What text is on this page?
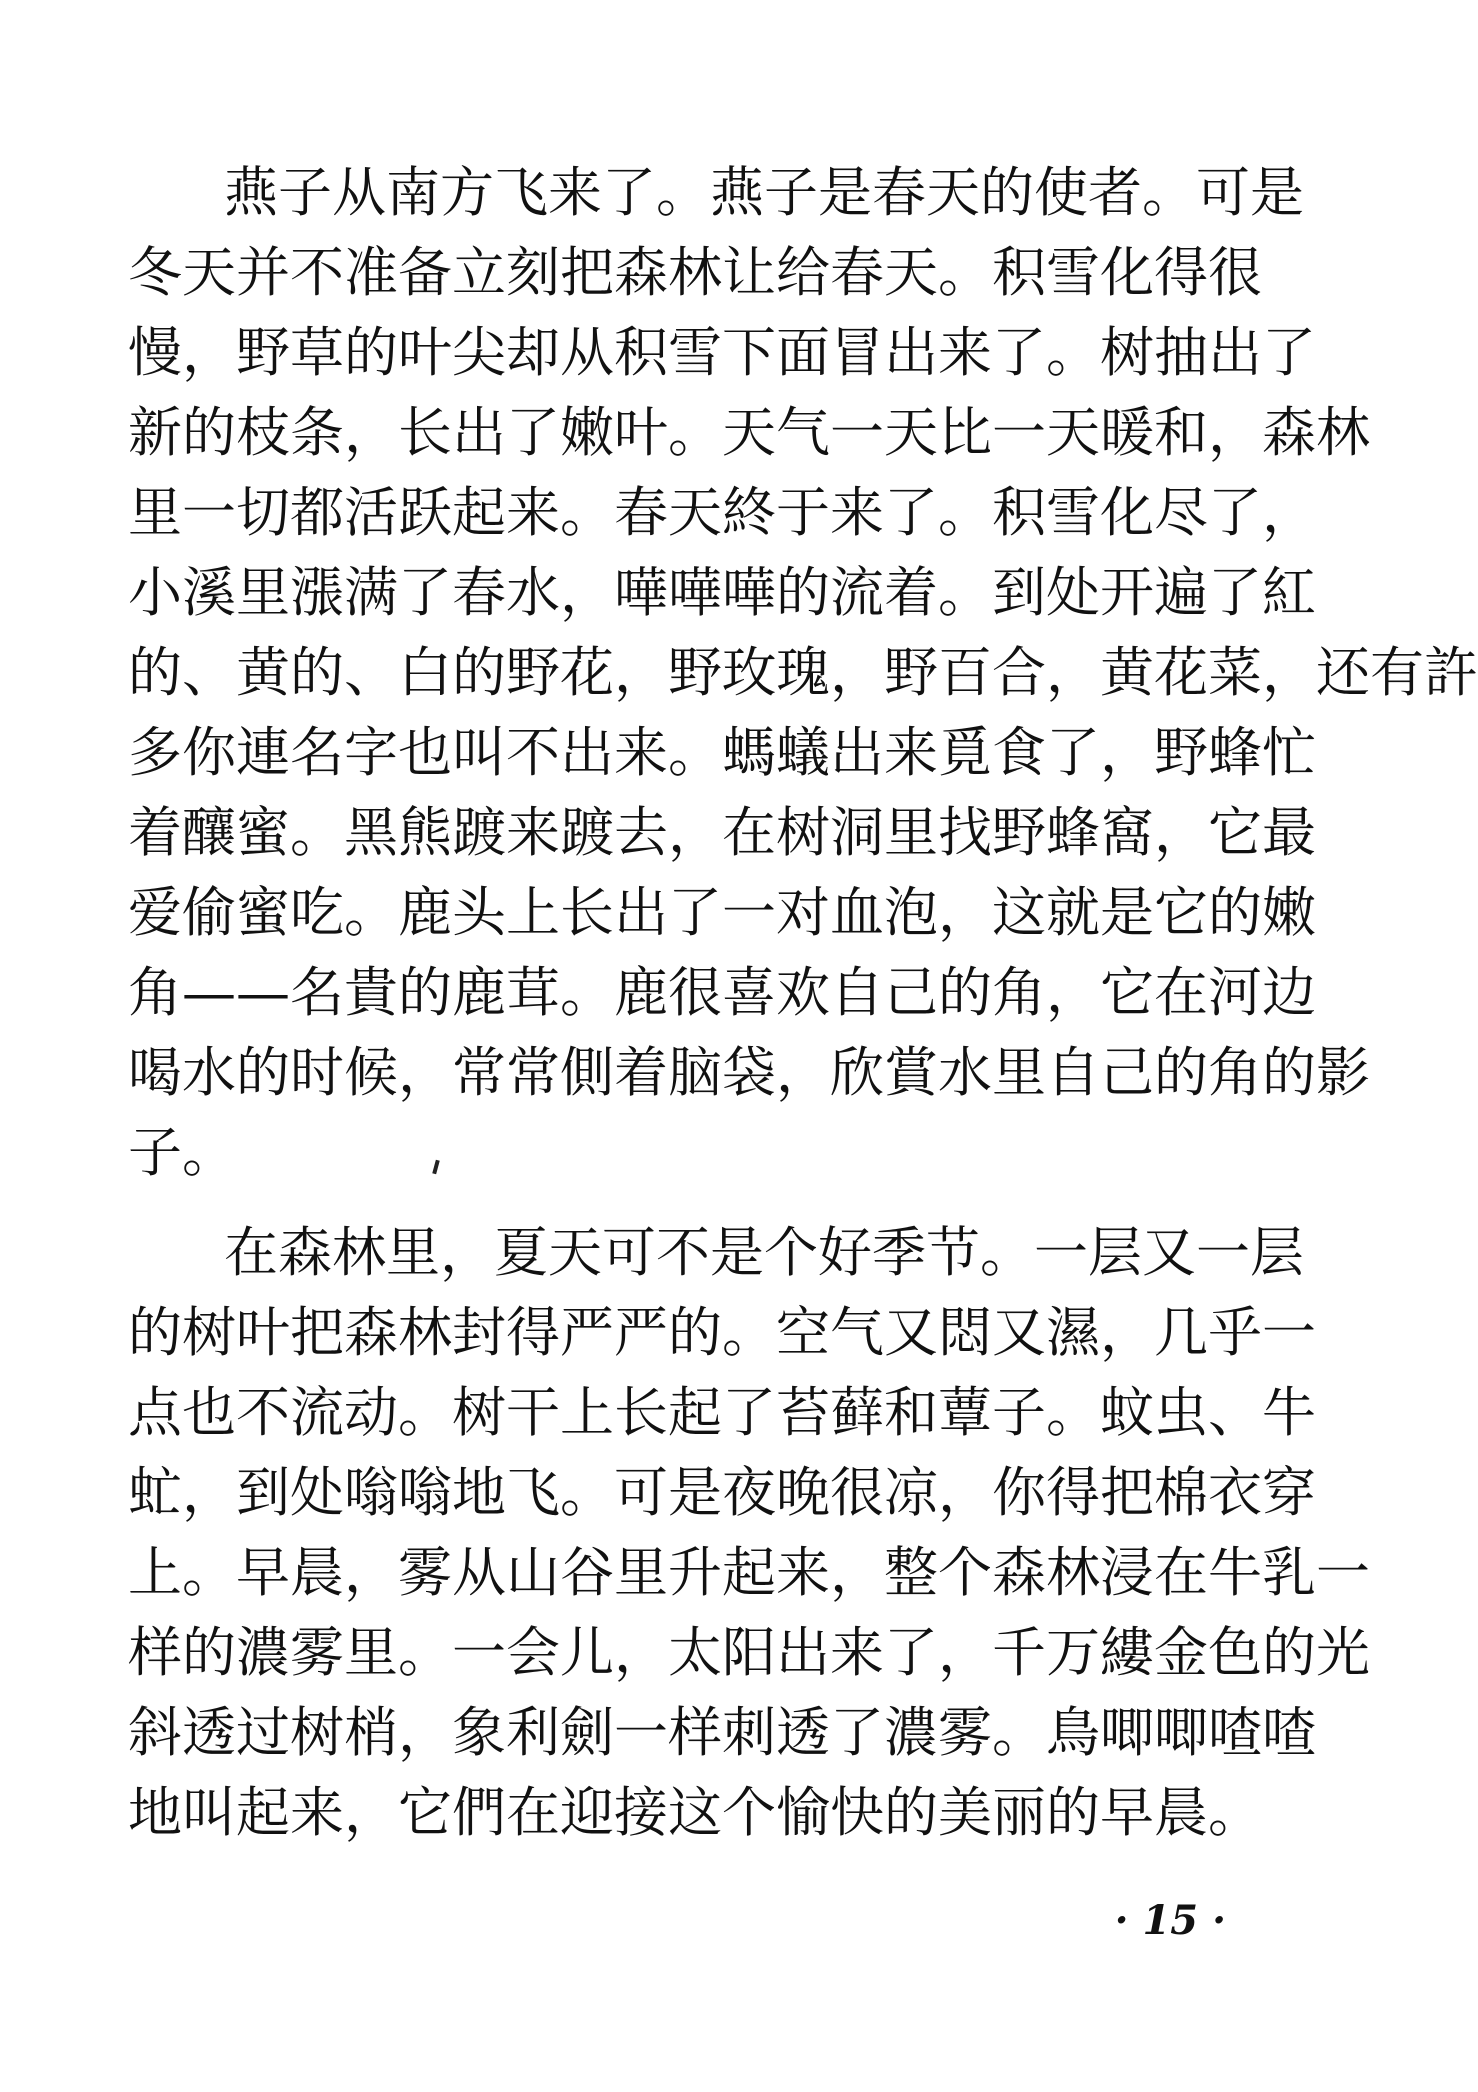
燕子从南方飞来了。燕子是春天的使者。可是
冬天并不准备立刻把森林让给春天。积雪化得很
慢，野草的叶尖却从积雪下面冒出来了。树抽出了
新的枝条，长出了嫩叶。天气一天比一天暖和，森林
里一切都活跃起来。春天終于来了。积雪化尽了，
小溪里漲满了春水，嘩嘩嘩的流着。到处开遍了紅
的、黄的、白的野花，野玫瑰，野百合，黄花菜，还有許
多你連名字也叫不出来。螞蟻出来覓食了，野蜂忙
着釀蜜。黑熊踱来踱去，在树洞里找野蜂窩，它最
爱偷蜜吃。鹿头上长出了一对血泡，这就是它的嫩
角——名貴的鹿茸。鹿很喜欢自己的角，它在河边
喝水的时候，常常側着脑袋，欣賞水里自己的角的影
子。
在森林里，夏天可不是个好季节。一层又一层
的树叶把森林封得严严的。空气又悶又濕，几乎一
点也不流动。树干上长起了苔藓和蕈子。蚊虫、牛
虻，到处嗡嗡地飞。可是夜晚很凉，你得把棉衣穿
上。早晨，雾从山谷里升起来，整个森林浸在牛乳一
样的濃雾里。一会儿，太阳出来了，千万縷金色的光
斜透过树梢，象利劍一样刺透了濃雾。鳥唧唧喳喳
地叫起来，它們在迎接这个愉快的美丽的早晨。
· 15 ·
